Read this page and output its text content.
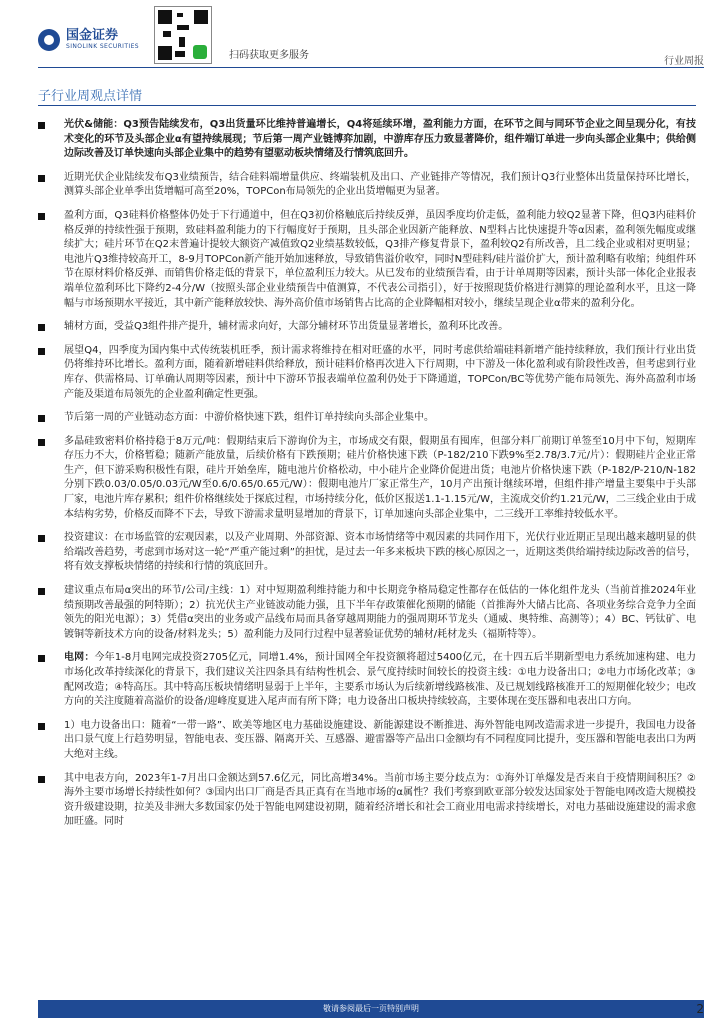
国金证券
SINOLINK SECURITIES
扫码获取更多服务
行业周报
子行业周观点详情
光伏&储能：Q3预告陆续发布，Q3出货量环比维持普遍增长，Q4将延续环增，盈利能力方面，在环节之间与同环节企业之间呈现分化，有技术变化的环节及头部企业α有望持续展现；节后第一周产业链博弈加剧，中游库存压力致显著降价，组件端订单进一步向头部企业集中；供给侧边际改善及订单快速向头部企业集中的趋势有望驱动板块情绪及行情筑底回升。
近期光伏企业陆续发布Q3业绩预告，结合硅料端增量供应、终端装机及出口、产业链排产等情况，我们预计Q3行业整体出货量保持环比增长，测算头部企业单季出货增幅可高至20%，TOPCon布局领先的企业出货增幅更为显著。
盈利方面，Q3硅料价格整体仍处于下行通道中，但在Q3初价格触底后持续反弹，虽因季度均价走低，盈利能力较Q2显著下降，但Q3内硅料价格反弹的持续性强于预期，致硅料盈利能力的下行幅度好于预期，且头部企业因新产能释放、N型料占比快速提升等α因素，盈利领先幅度或继续扩大；硅片环节在Q2末普遍计提较大额资产减值致Q2业绩基数较低，Q3排产修复背景下，盈利较Q2有所改善，且二线企业或相对更明显；电池片Q3维持较高开工，8-9月TOPCon新产能开始加速释放，导致销售溢价收窄，同时N型硅料/硅片溢价扩大，预计盈利略有收缩；纯组件环节在原材料价格反弹、而销售价格走低的背景下，单位盈利压力较大。从已发布的业绩预告看，由于计单周期等因素，预计头部一体化企业报表端单位盈利环比下降约2-4分/W（按照头部企业业绩预告中值测算，不代表公司指引），好于按照现货价格进行测算的理论盈利水平，且这一降幅与市场预期水平接近，其中新产能释放较快、海外高价值市场销售占比高的企业降幅相对较小，继续呈现企业α带来的盈利分化。
辅材方面，受益Q3组件排产提升，辅材需求向好，大部分辅材环节出货量显著增长，盈利环比改善。
展望Q4，四季度为国内集中式传统装机旺季，预计需求将维持在相对旺盛的水平，同时考虑供给端硅料新增产能持续释放，我们预计行业出货仍将维持环比增长。盈利方面，随着新增硅料供给释放，预计硅料价格再次进入下行周期，中下游及一体化盈利或有阶段性改善，但考虑到行业库存、供需格局、订单确认周期等因素，预计中下游环节报表端单位盈利仍处于下降通道，TOPCon/BC等优势产能布局领先、海外高盈利市场产能及渠道布局领先的企业盈利确定性更强。
节后第一周的产业链动态方面：中游价格快速下跌，组件订单持续向头部企业集中。
多晶硅致密料价格持稳于8万元/吨：假期结束后下游询价为主，市场成交有限，假期虽有囤库，但部分料厂前期订单签至10月中下旬，短期库存压力不大，价格暂稳；随新产能放量，后续价格有下跌预期；硅片价格快速下跌（P-182/210下跌9%至2.78/3.7元/片）：假期硅片企业正常生产，但下游采购积极性有限，硅片开始垒库，随电池片价格松动，中小硅片企业降价促进出货；电池片价格快速下跌（P-182/P-210/N-182分别下跌0.03/0.05/0.03元/W至0.6/0.65/0.65元/W）：假期电池片厂家正常生产，10月产出预计继续环增，但组件排产增量主要集中于头部厂家，电池片库存累积；组件价格继续处于探底过程，市场持续分化，低价区报送1.1-1.15元/W，主流成交价约1.21元/W，二三线企业由于成本结构劣势，价格反而降不下去，导致下游需求量明显增加的背景下，订单加速向头部企业集中，二三线开工率维持较低水平。
投资建议：在市场监管的宏观因素，以及产业周期、外部资源、资本市场情绪等中观因素的共同作用下，光伏行业近期正呈现出越来越明显的供给端改善趋势，考虑到市场对这一轮“严重产能过剩”的担忧，是过去一年多来板块下跌的核心原因之一，近期这类供给端持续边际改善的信号，将有效支撑板块情绪的持续和行情的筑底回升。
建议重点布局α突出的环节/公司/主线：1）对中短期盈利维持能力和中长期竞争格局稳定性都存在低估的一体化组件龙头（当前首推2024年业绩预期改善最强的阿特斯）；2）抗光伏主产业链波动能力强，且下半年存政策催化预期的储能（首推海外大储占比高、各项业务综合竞争力全面领先的阳光电源）；3）凭借α突出的业务或产品线布局而具备穿越周期能力的强周期环节龙头（通威、奥特维、高测等）；4）BC、钙钛矿、电镀铜等新技术方向的设备/材料龙头；5）盈利能力及同行过程中显著验证优势的辅材/耗材龙头（福斯特等）。
电网：今年1-8月电网完成投资2705亿元，同增1.4%，预计国网全年投资额将超过5400亿元，在十四五后半期新型电力系统加速构建、电力市场化改革持续深化的背景下，我们建议关注四条具有结构性机会、景气度持续时间较长的投资主线：①电力设备出口；②电力市场化改革；③配网改造；④特高压。其中特高压板块情绪明显弱于上半年，主要系市场认为后续新增线路核准、及已规划线路核准开工的短期催化较少；电改方向的关注度随着高溢价的设备/迎峰度夏进入尾声而有所下降；电力设备出口板块持续较高，主要体现在变压器和电表出口方向。
1）电力设备出口：随着“一带一路”、欧美等地区电力基础设施建设、新能源建设不断推进、海外智能电网改造需求进一步提升，我国电力设备出口景气度上行趋势明显，智能电表、变压器、隔离开关、互感器、避雷器等产品出口金额均有不同程度同比提升，变压器和智能电表出口为两大绝对主线。
其中电表方向，2023年1-7月出口金额达到57.6亿元，同比高增34%。当前市场主要分歧点为：①海外订单爆发是否来自于疫情期间积压？②海外主要市场增长持续性如何？③国内出口厂商是否具正真有在当地市场的α属性？我们考察到欧亚部分较发达国家处于智能电网改造大规模投资升级建设期，拉美及非洲大多数国家仍处于智能电网建设初期，随着经济增长和社会工商业用电需求持续增长，对电力基础设施建设的需求愈加旺盛。同时
敬请参阅最后一页特别声明	2
